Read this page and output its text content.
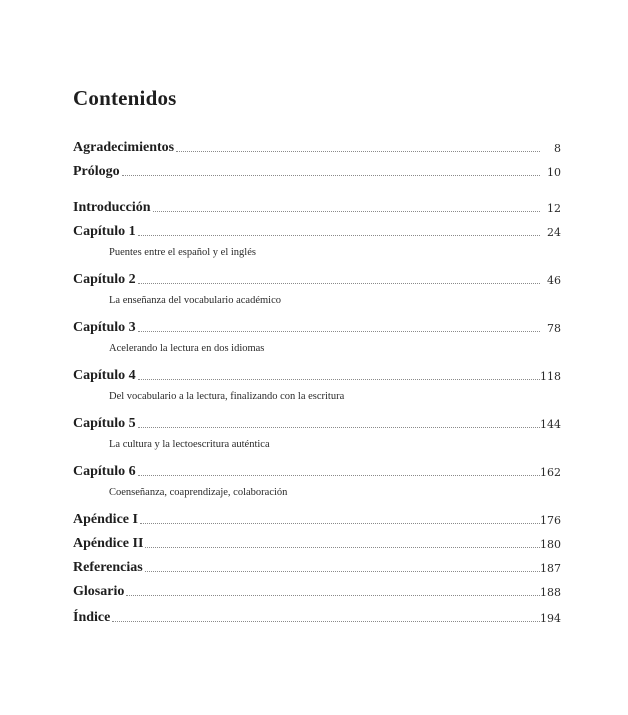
Contenidos
Agradecimientos	8
Prólogo	10
Introducción	12
Capítulo 1	24
Puentes entre el español y el inglés
Capítulo 2	46
La enseñanza del vocabulario académico
Capítulo 3	78
Acelerando la lectura en dos idiomas
Capítulo 4	118
Del vocabulario a la lectura, finalizando con la escritura
Capítulo 5	144
La cultura y la lectoescritura auténtica
Capítulo 6	162
Coenseñanza, coaprendizaje, colaboración
Apéndice I	176
Apéndice II	180
Referencias	187
Glosario	188
Índice	194
